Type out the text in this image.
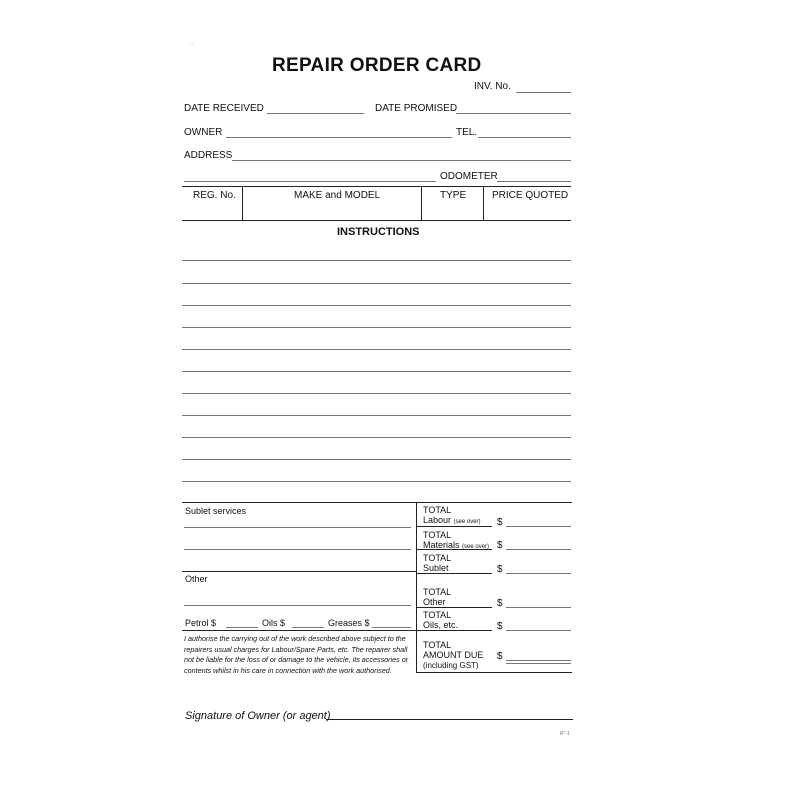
..
REPAIR ORDER CARD
INV. No.
DATE RECEIVED	DATE PROMISED
OWNER	TEL.
ADDRESS
ODOMETER
REG. No.	MAKE and MODEL	TYPE	PRICE QUOTED
INSTRUCTIONS
Sublet services
Other
Petrol $	Oils $	Greases $
I authorise the carrying out of the work described above subject to the repairers usual charges for Labour/Spare Parts, etc. The repairer shall not be liable for the loss of or damage to the vehicle, its accessories or contents whilst in his care in connection with the work authorised.
TOTAL
Labour (see over) $
TOTAL
Materials (see over) $
TOTAL
Sublet	$
TOTAL
Other	$
TOTAL
Oils, etc.	$
TOTAL
AMOUNT DUE
(including GST)
$
Signature of Owner (or agent)
R"-1
